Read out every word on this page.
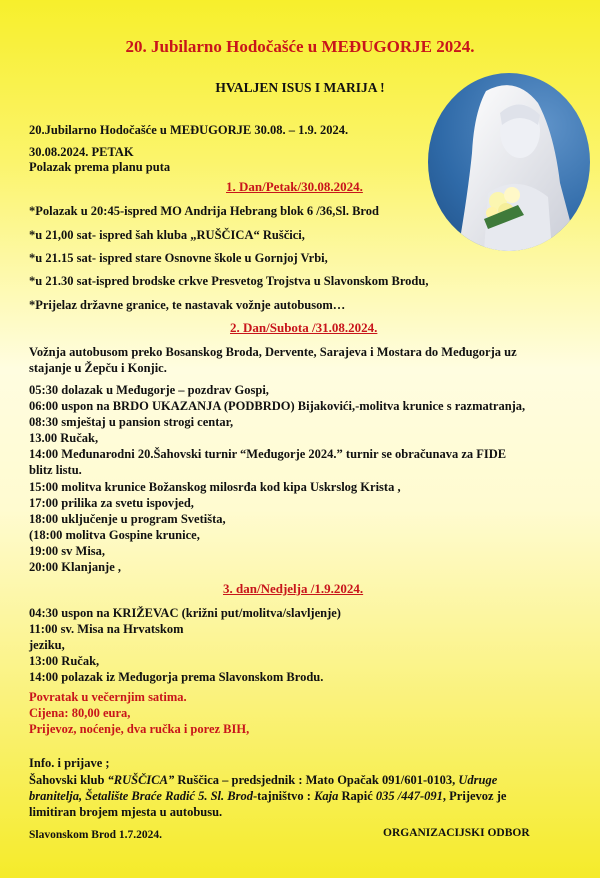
20. Jubilarno Hodočašće u MEĐUGORJE 2024.
HVALJEN ISUS I MARIJA !
20.Jubilarno Hodočašće u MEĐUGORJE 30.08. – 1.9. 2024.
30.08.2024. PETAK
Polazak prema planu puta
1. Dan/Petak/30.08.2024.
*Polazak u 20:45-ispred MO Andrija Hebrang blok 6 /36,Sl. Brod
*u 21,00 sat- ispred šah kluba „RUŠČICA“ Ruščici,
*u 21.15 sat- ispred stare Osnovne škole u Gornjoj Vrbi,
*u 21.30 sat-ispred brodske crkve Presvetog Trojstva u Slavonskom Brodu,
*Prijelaz državne granice, te nastavak vožnje autobusom…
2. Dan/Subota /31.08.2024.
Vožnja autobusom preko Bosanskog Broda, Dervente, Sarajeva i Mostara do Međugorja uz
stajanje u Žepču i Konjic.
05:30 dolazak u Međugorje – pozdrav Gospi,
06:00 uspon na BRDO UKAZANJA (PODBRDO) Bijakovići,-molitva krunice s razmatranja,
08:30 smještaj u pansion strogi centar,
13.00 Ručak,
14:00 Međunarodni 20.Šahovski turnir “Međugorje 2024.” turnir se obračunava za FIDE
blitz listu.
15:00 molitva krunice Božanskog milosrđa kod kipa Uskrslog Krista ,
17:00 prilika za svetu ispovjed,
18:00 uključenje u program Svetišta,
(18:00 molitva Gospine krunice,
19:00 sv Misa,
20:00 Klanjanje ,
3. dan/Nedjelja /1.9.2024.
04:30 uspon na KRIŽEVAC (križni put/molitva/slavljenje)
11:00 sv. Misa na Hrvatskom
jeziku,
13:00 Ručak,
14:00 polazak iz Međugorja prema Slavonskom Brodu.
Povratak u večernjim satima.
Cijena: 80,00 eura,
Prijevoz, noćenje, dva ručka i porez BIH,
Info. i prijave ;
Šahovski klub “RUŠČICA” Ruščica – predsjednik : Mato Opačak 091/601-0103, Udruge
branitelja, Šetalište Braće Radić 5. Sl. Brod-tajništvo : Kaja Rapić 035 /447-091, Prijevoz je
limitiran brojem mjesta u autobusu.
Slavonskom Brod 1.7.2024.	ORGANIZACIJSKI ODBOR
